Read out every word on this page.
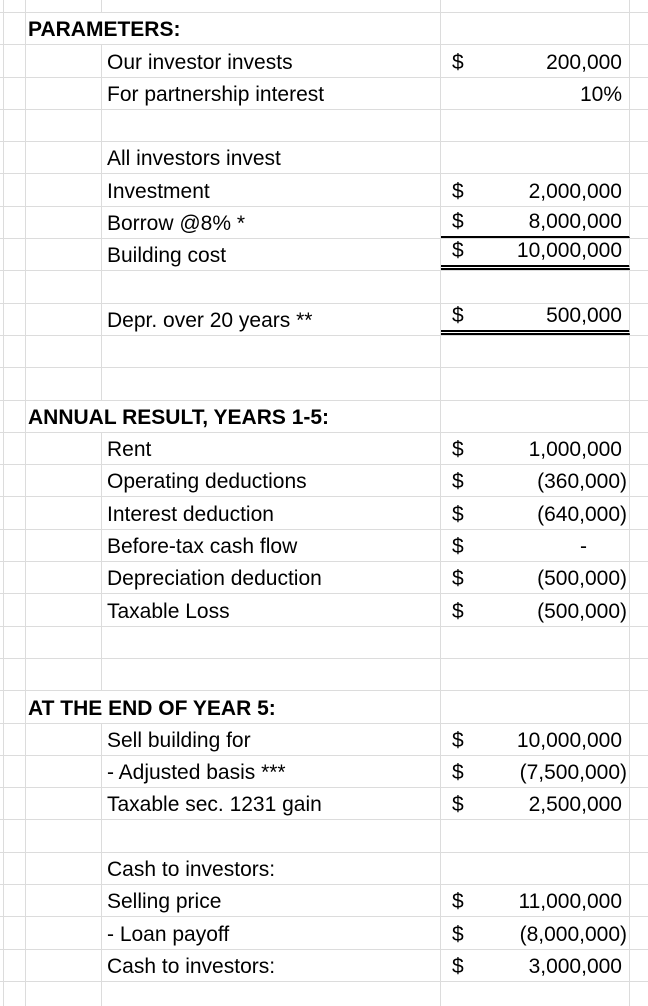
PARAMETERS:
Our investor invests	$	200,000
For partnership interest	10%
All investors invest
Investment	$	2,000,000
Borrow @8% *	$	8,000,000
Building cost	$	10,000,000
Depr. over 20 years **	$	500,000
ANNUAL RESULT, YEARS 1-5:
Rent	$	1,000,000
Operating deductions	$	(360,000)
Interest deduction	$	(640,000)
Before-tax cash flow	$	-
Depreciation deduction	$	(500,000)
Taxable Loss	$	(500,000)
AT THE END OF YEAR 5:
Sell building for	$	10,000,000
- Adjusted basis ***	$	(7,500,000)
Taxable sec. 1231 gain	$	2,500,000
Cash to investors:
Selling price	$	11,000,000
- Loan payoff	$	(8,000,000)
Cash to investors:	$	3,000,000
